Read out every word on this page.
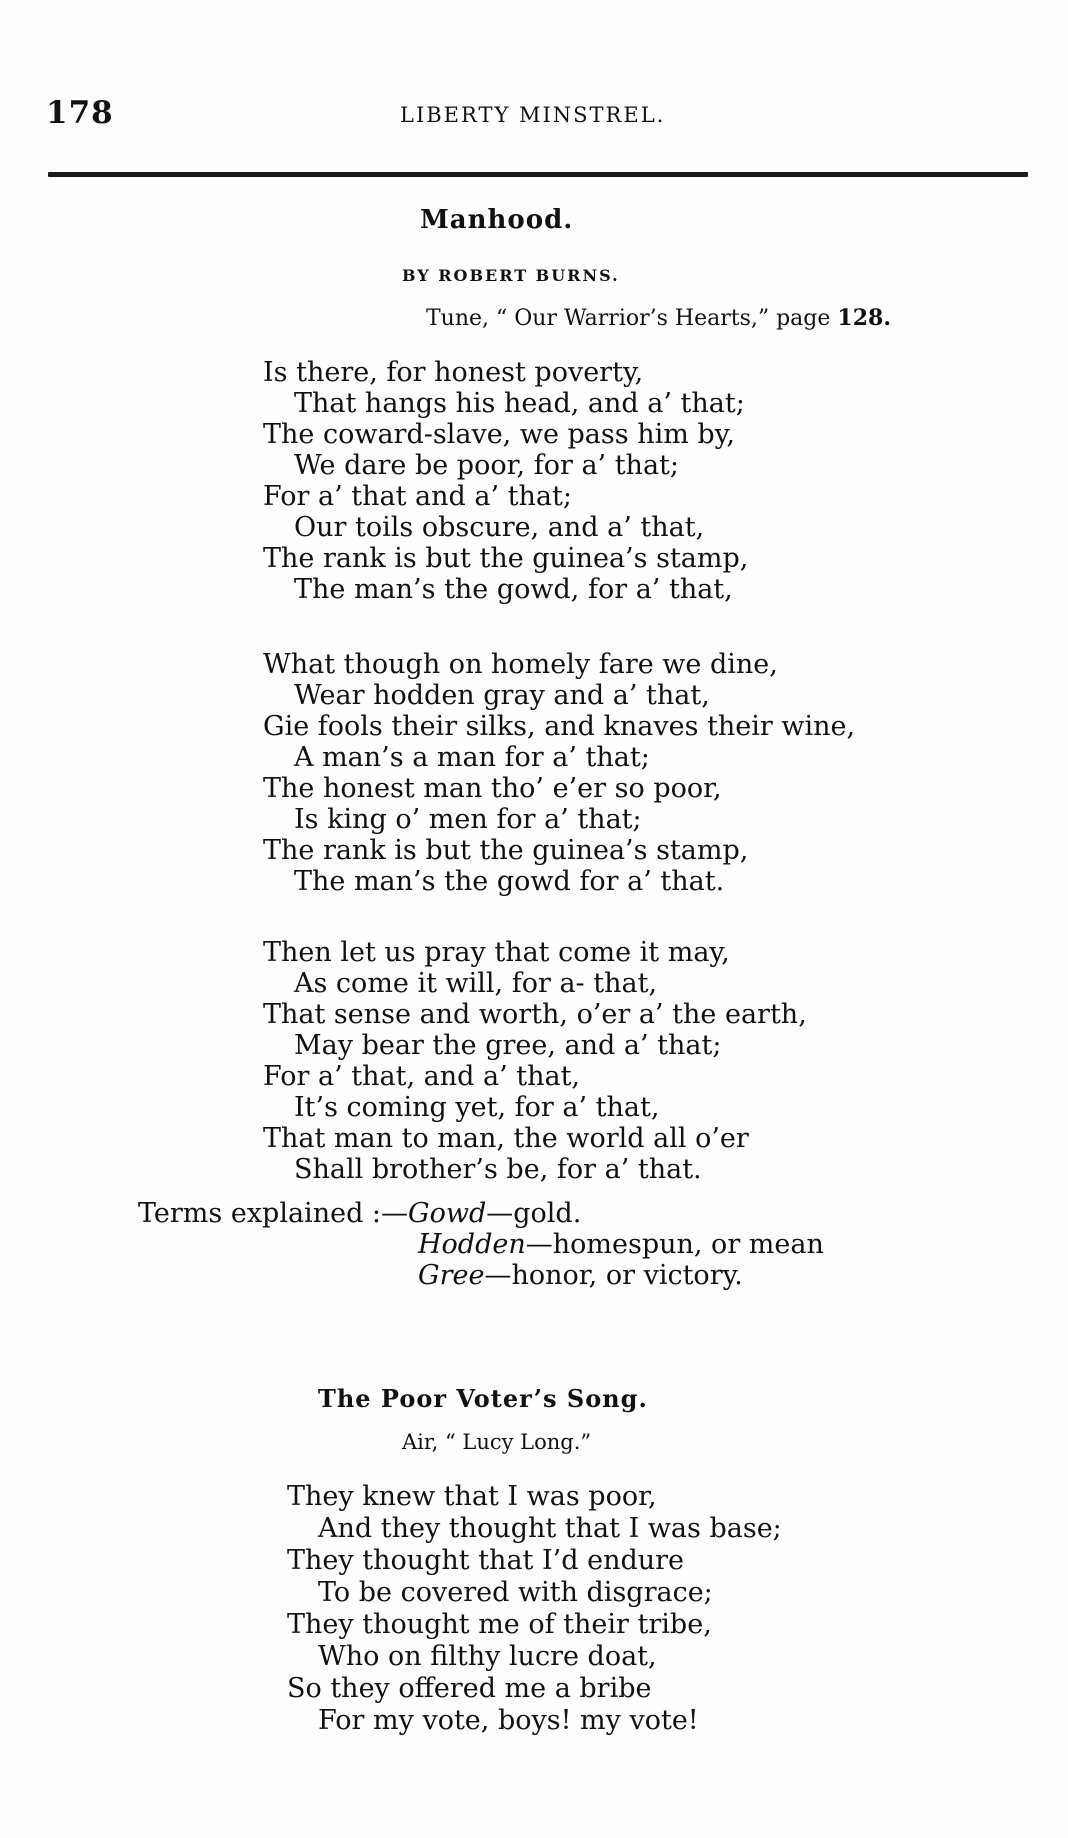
178	LIBERTY MINSTREL.
Manhood.
BY ROBERT BURNS.
Tune, “ Our Warrior’s Hearts,” page 128.
Is there, for honest poverty,
That hangs his head, and a’ that;
The coward-slave, we pass him by,
We dare be poor, for a’ that;
For a’ that and a’ that;
Our toils obscure, and a’ that,
The rank is but the guinea’s stamp,
The man’s the gowd, for a’ that,
What though on homely fare we dine,
Wear hodden gray and a’ that,
Gie fools their silks, and knaves their wine,
A man’s a man for a’ that;
The honest man tho’ e’er so poor,
Is king o’ men for a’ that;
The rank is but the guinea’s stamp,
The man’s the gowd for a’ that.
Then let us pray that come it may,
As come it will, for a- that,
That sense and worth, o’er a’ the earth,
May bear the gree, and a’ that;
For a’ that, and a’ that,
It’s coming yet, for a’ that,
That man to man, the world all o’er
Shall brother’s be, for a’ that.
Terms explained :—Gowd—gold.
Hodden—homespun, or mean
Gree—honor, or victory.
The Poor Voter’s Song.
Air, “ Lucy Long.”
They knew that I was poor,
And they thought that I was base;
They thought that I’d endure
To be covered with disgrace;
They thought me of their tribe,
Who on filthy lucre doat,
So they offered me a bribe
For my vote, boys! my vote!
